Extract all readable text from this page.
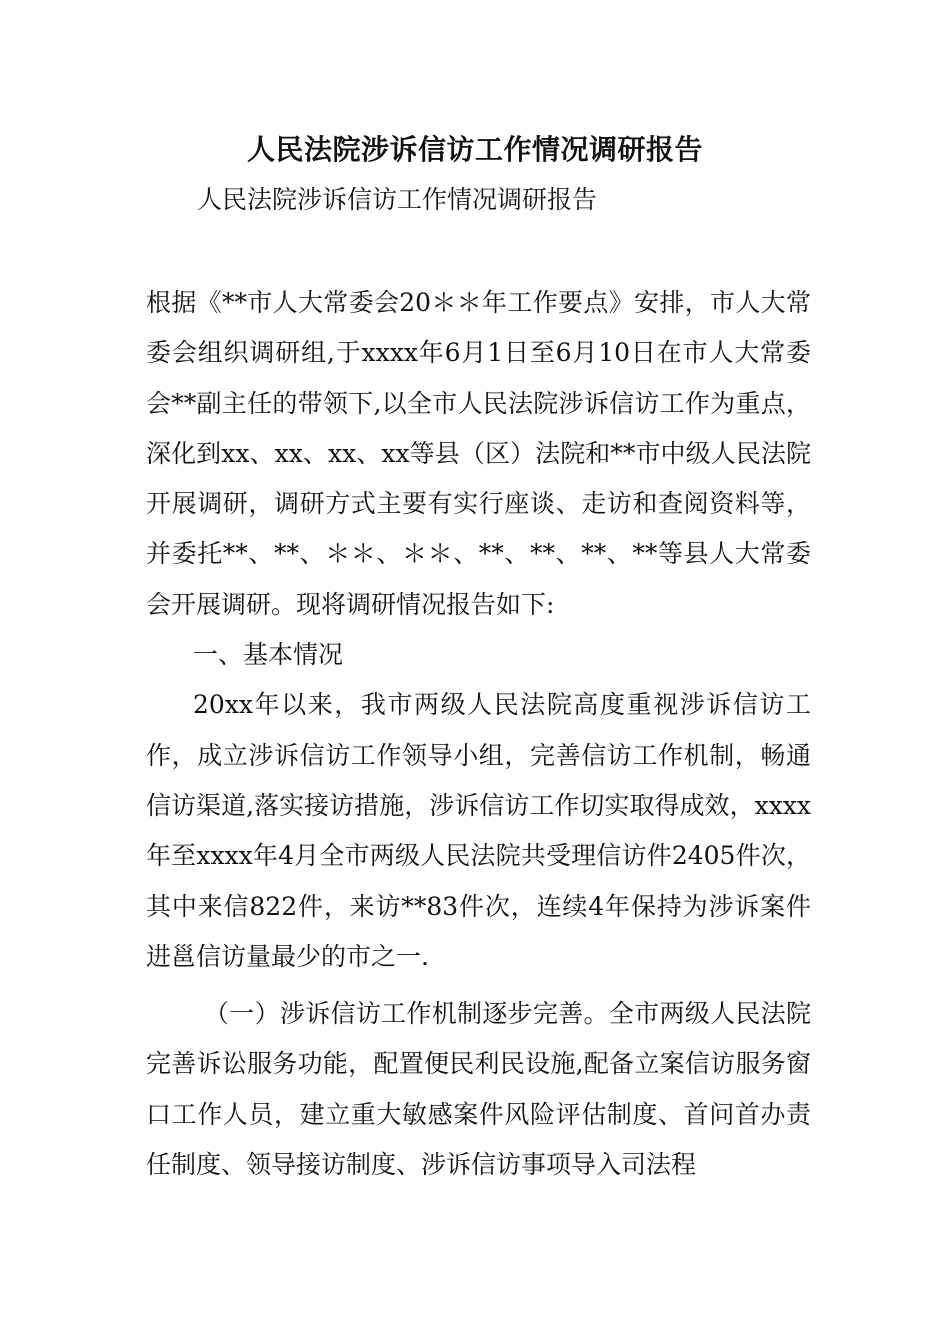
人民法院涉诉信访工作情况调研报告
人民法院涉诉信访工作情况调研报告

根据《**市人大常委会20＊＊年工作要点》安排，市人大常委会组织调研组,于xxxx年6月1日至6月10日在市人大常委会**副主任的带领下,以全市人民法院涉诉信访工作为重点，深化到xx、xx、xx、xx等县（区）法院和**市中级人民法院开展调研，调研方式主要有实行座谈、走访和查阅资料等，并委托**、**、＊＊、＊＊、**、**、**、**等县人大常委会开展调研。现将调研情况报告如下:

一、基本情况

20xx年以来，我市两级人民法院高度重视涉诉信访工作，成立涉诉信访工作领导小组，完善信访工作机制，畅通信访渠道,落实接访措施，涉诉信访工作切实取得成效，xxxx年至xxxx年4月全市两级人民法院共受理信访件2405件次，其中来信822件，来访**83件次，连续4年保持为涉诉案件进邕信访量最少的市之一.

（一）涉诉信访工作机制逐步完善。全市两级人民法院完善诉讼服务功能，配置便民利民设施,配备立案信访服务窗口工作人员，建立重大敏感案件风险评估制度、首问首办责任制度、领导接访制度、涉诉信访事项导入司法程
